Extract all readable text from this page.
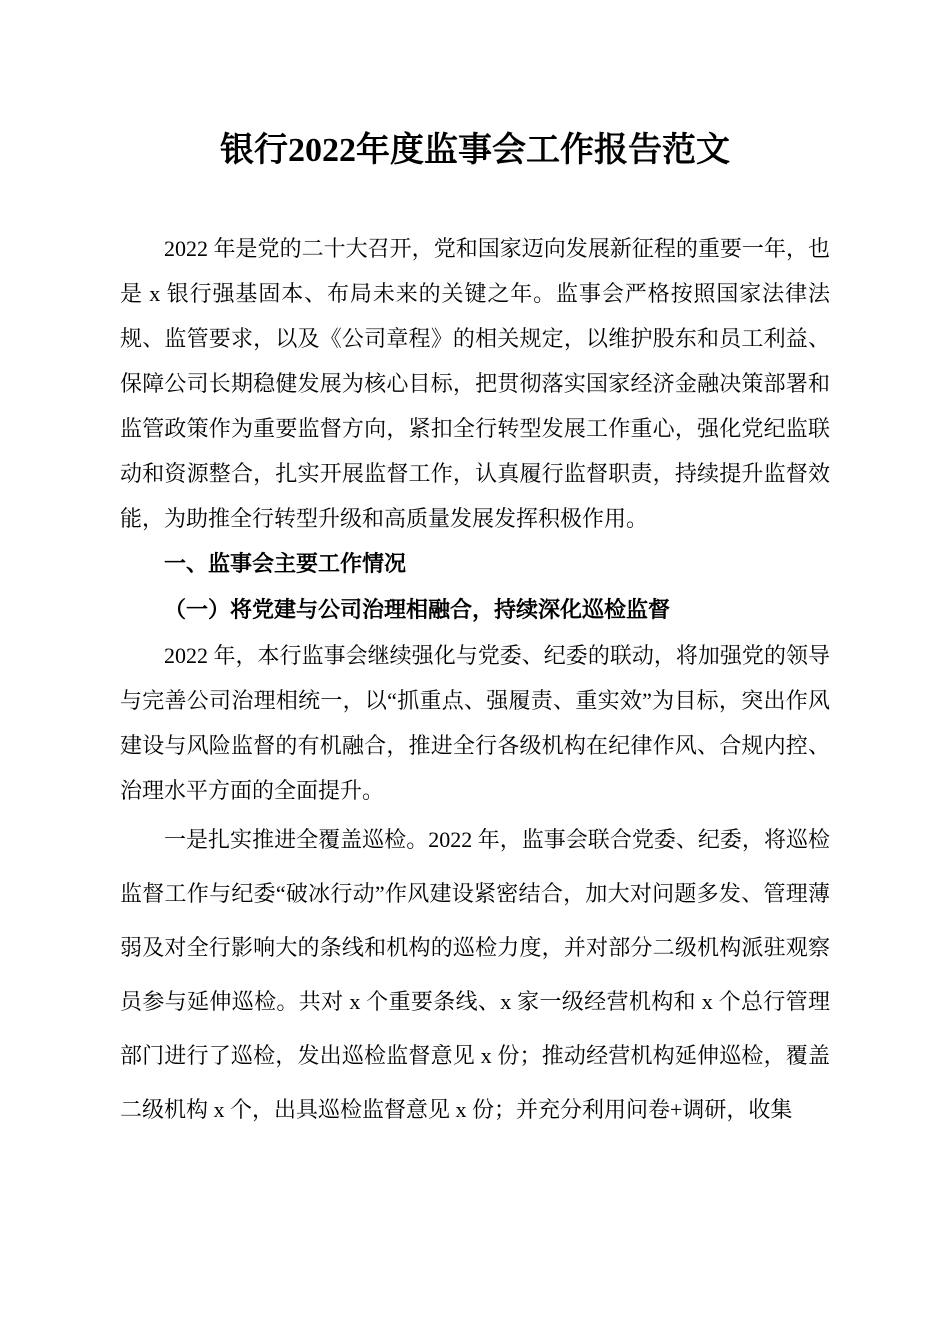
银行2022年度监事会工作报告范文

2022 年是党的二十大召开，党和国家迈向发展新征程的重要一年，也是 x 银行强基固本、布局未来的关键之年。监事会严格按照国家法律法规、监管要求，以及《公司章程》的相关规定，以维护股东和员工利益、保障公司长期稳健发展为核心目标，把贯彻落实国家经济金融决策部署和监管政策作为重要监督方向，紧扣全行转型发展工作重心，强化党纪监联动和资源整合，扎实开展监督工作，认真履行监督职责，持续提升监督效能，为助推全行转型升级和高质量发展发挥积极作用。

一、监事会主要工作情况

（一）将党建与公司治理相融合，持续深化巡检监督

2022 年，本行监事会继续强化与党委、纪委的联动，将加强党的领导与完善公司治理相统一，以“抓重点、强履责、重实效”为目标，突出作风建设与风险监督的有机融合，推进全行各级机构在纪律作风、合规内控、治理水平方面的全面提升。

一是扎实推进全覆盖巡检。2022 年，监事会联合党委、纪委，将巡检监督工作与纪委“破冰行动”作风建设紧密结合，加大对问题多发、管理薄弱及对全行影响大的条线和机构的巡检力度，并对部分二级机构派驻观察员参与延伸巡检。共对 x 个重要条线、x 家一级经营机构和 x 个总行管理部门进行了巡检，发出巡检监督意见 x 份；推动经营机构延伸巡检，覆盖二级机构 x 个，出具巡检监督意见 x 份；并充分利用问卷+调研，收集
